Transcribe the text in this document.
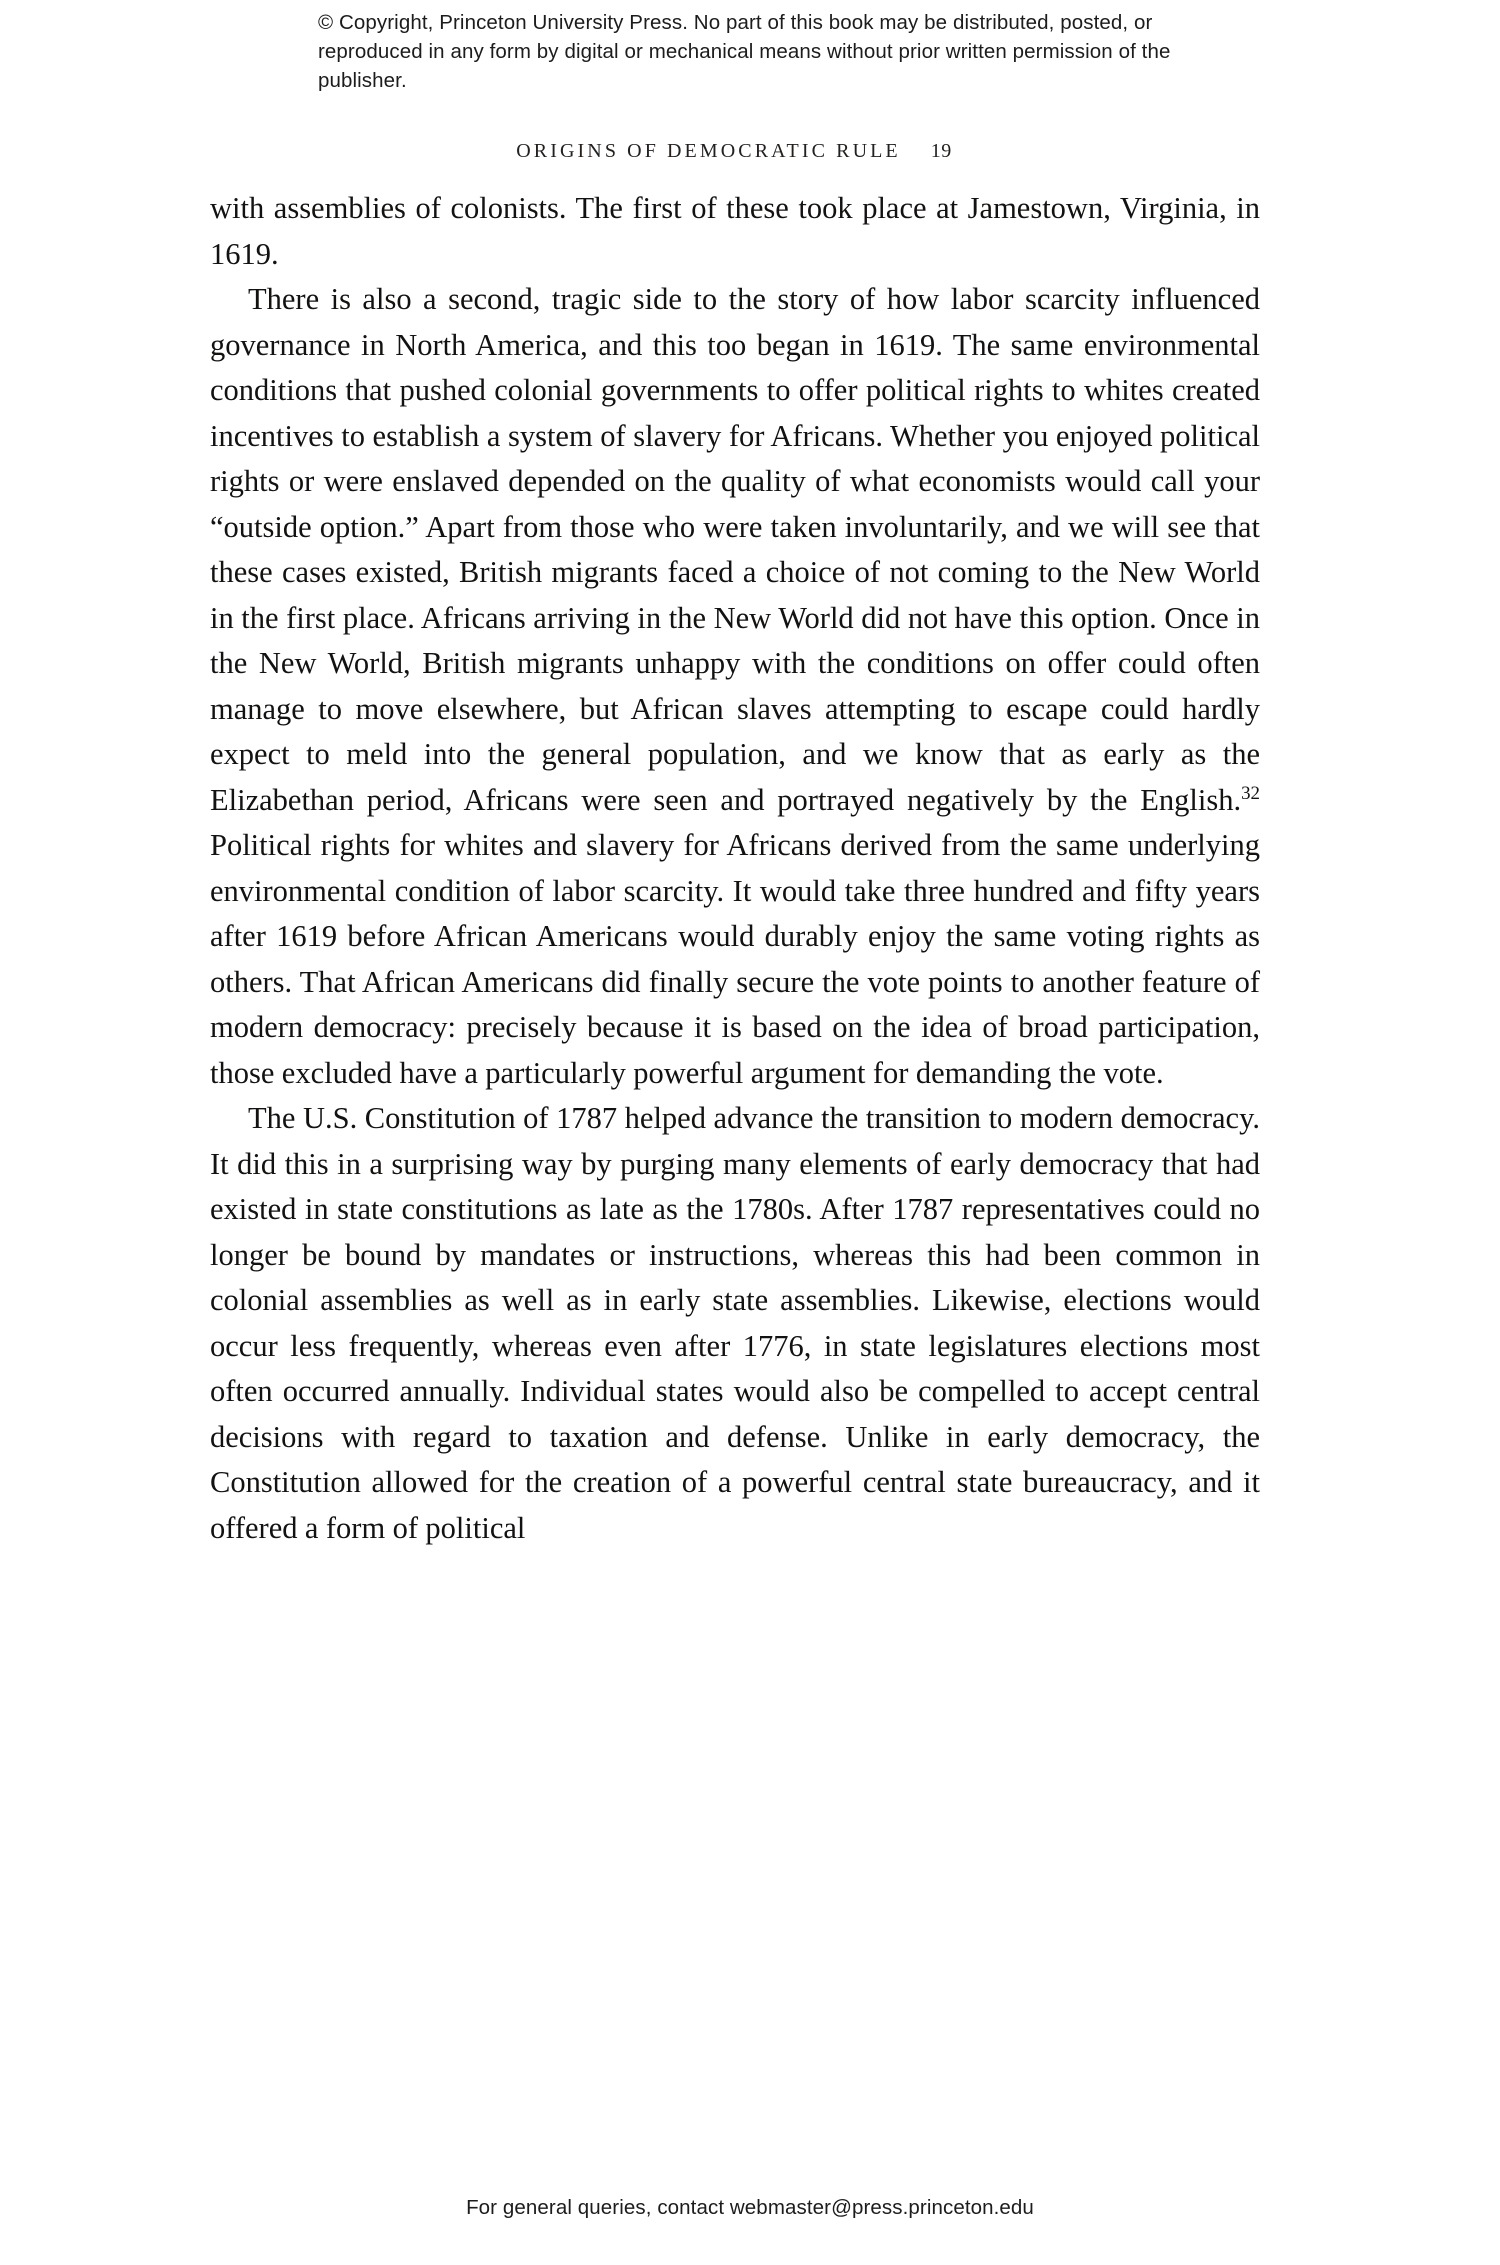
© Copyright, Princeton University Press. No part of this book may be distributed, posted, or reproduced in any form by digital or mechanical means without prior written permission of the publisher.
ORIGINS OF DEMOCRATIC RULE 19

with assemblies of colonists. The first of these took place at Jamestown, Virginia, in 1619.

There is also a second, tragic side to the story of how labor scarcity influenced governance in North America, and this too began in 1619. The same environmental conditions that pushed colonial governments to offer political rights to whites created incentives to establish a system of slavery for Africans. Whether you enjoyed political rights or were enslaved depended on the quality of what economists would call your “outside option.” Apart from those who were taken involuntarily, and we will see that these cases existed, British migrants faced a choice of not coming to the New World in the first place. Africans arriving in the New World did not have this option. Once in the New World, British migrants unhappy with the conditions on offer could often manage to move elsewhere, but African slaves attempting to escape could hardly expect to meld into the general population, and we know that as early as the Elizabethan period, Africans were seen and portrayed negatively by the English.$^{32}$ Political rights for whites and slavery for Africans derived from the same underlying environmental condition of labor scarcity. It would take three hundred and fifty years after 1619 before African Americans would durably enjoy the same voting rights as others. That African Americans did finally secure the vote points to another feature of modern democracy: precisely because it is based on the idea of broad participation, those excluded have a particularly powerful argument for demanding the vote.

The U.S. Constitution of 1787 helped advance the transition to modern democracy. It did this in a surprising way by purging many elements of early democracy that had existed in state constitutions as late as the 1780s. After 1787 representatives could no longer be bound by mandates or instructions, whereas this had been common in colonial assemblies as well as in early state assemblies. Likewise, elections would occur less frequently, whereas even after 1776, in state legislatures elections most often occurred annually. Individual states would also be compelled to accept central decisions with regard to taxation and defense. Unlike in early democracy, the Constitution allowed for the creation of a powerful central state bureaucracy, and it offered a form of political

For general queries, contact webmaster@press.princeton.edu
